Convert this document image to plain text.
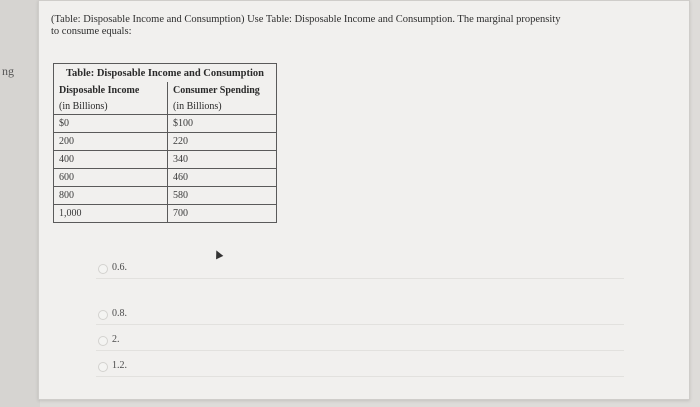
ng
(Table: Disposable Income and Consumption) Use Table: Disposable Income and Consumption. The marginal propensity to consume equals:
Table: Disposable Income and Consumption	
Disposable Income	Consumer Spending
(in Billions)	(in Billions)
$0	$100
200	220
400	340
600	460
800	580
1,000	700
0.6.
0.8.
2.
1.2.
